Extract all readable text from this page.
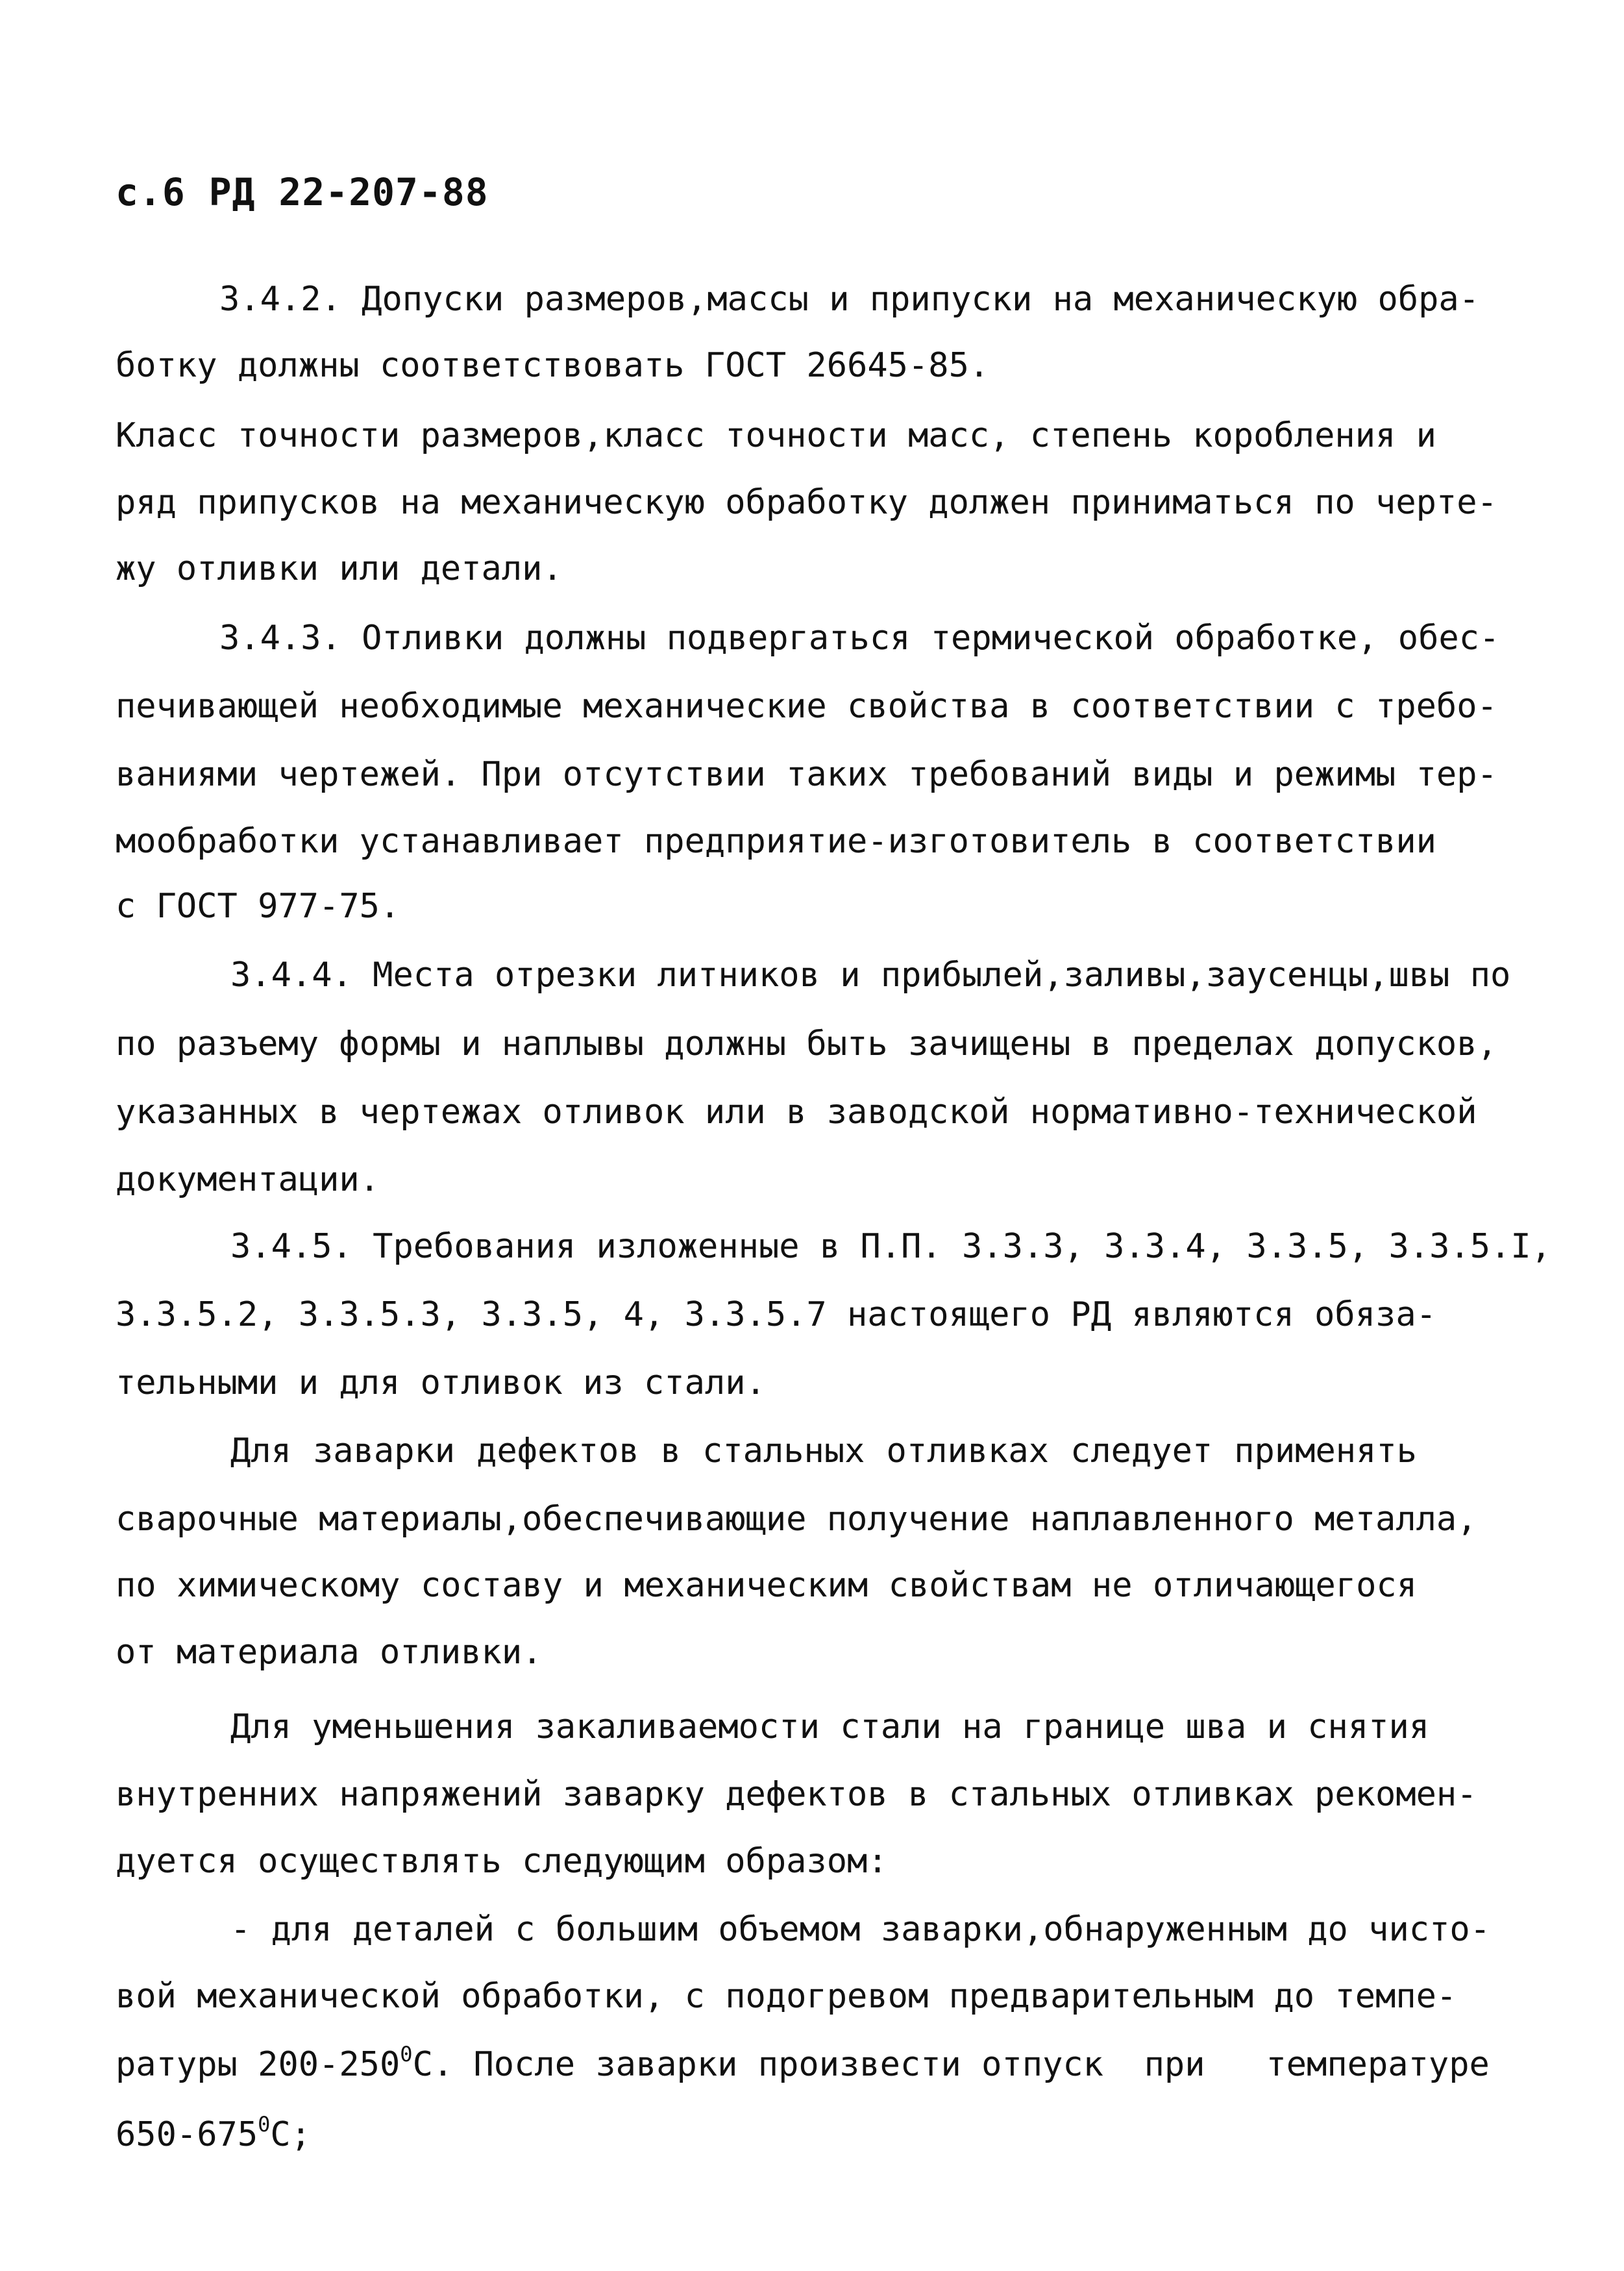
с.6 РД 22-207-88
3.4.2. Допуски размеров,массы и припуски на механическую обра-
ботку должны соответствовать ГОСТ 26645-85.
Класс точности размеров,класс точности масс, степень коробления и
ряд припусков на механическую обработку должен приниматься по черте-
жу отливки или детали.
3.4.3. Отливки должны подвергаться термической обработке, обес-
печивающей необходимые механические свойства в соответствии с требо-
ваниями чертежей. При отсутствии таких требований виды и режимы тер-
мообработки устанавливает предприятие-изготовитель в соответствии
с ГОСТ 977-75.
3.4.4. Места отрезки литников и прибылей,заливы,заусенцы,швы по
по разъему формы и наплывы должны быть зачищены в пределах допусков,
указанных в чертежах отливок или в заводской нормативно-технической
документации.
3.4.5. Требования изложенные в П.П. 3.3.3, 3.3.4, 3.3.5, 3.3.5.I,
3.3.5.2, 3.3.5.3, 3.3.5, 4, 3.3.5.7 настоящего РД являются обяза-
тельными и для отливок из стали.
Для заварки дефектов в стальных отливках следует применять
сварочные материалы,обеспечивающие получение наплавленного металла,
по химическому составу и механическим свойствам не отличающегося
от материала отливки.
Для уменьшения закаливаемости стали на границе шва и снятия
внутренних напряжений заварку дефектов в стальных отливках рекомен-
дуется осуществлять следующим образом:
- для деталей с большим объемом заварки,обнаруженным до чисто-
вой механической обработки, с подогревом предварительным до темпе-
ратуры $200-250^0С$. После заварки произвести отпуск  при   температуре
$650-675^0С$;
